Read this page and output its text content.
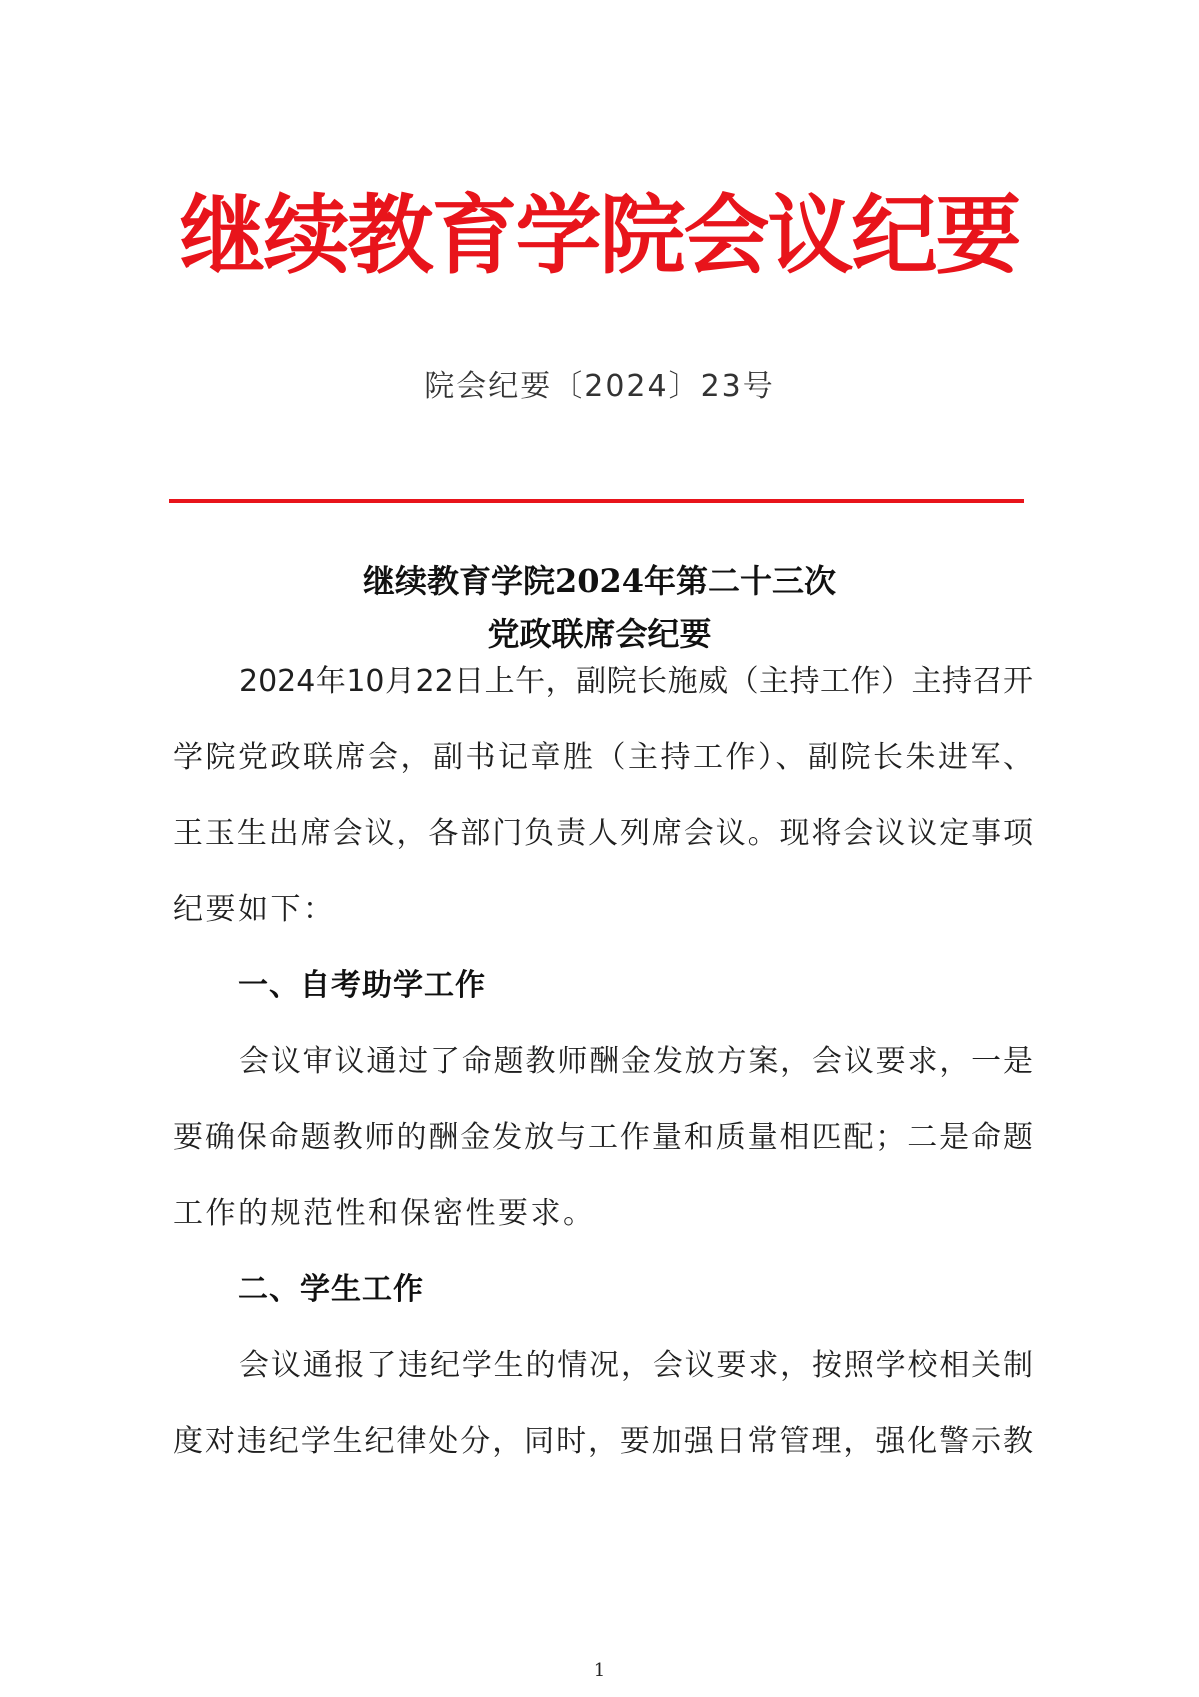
继续教育学院会议纪要
院会纪要〔2024〕23号
继续教育学院2024年第二十三次
党政联席会纪要
2024年10月22日上午，副院长施威（主持工作）主持召开
学院党政联席会，副书记章胜（主持工作）、副院长朱进军、
王玉生出席会议，各部门负责人列席会议。现将会议议定事项
纪要如下：
一、自考助学工作
会议审议通过了命题教师酬金发放方案，会议要求，一是
要确保命题教师的酬金发放与工作量和质量相匹配；二是命题
工作的规范性和保密性要求。
二、学生工作
会议通报了违纪学生的情况，会议要求，按照学校相关制
度对违纪学生纪律处分，同时，要加强日常管理，强化警示教
1
